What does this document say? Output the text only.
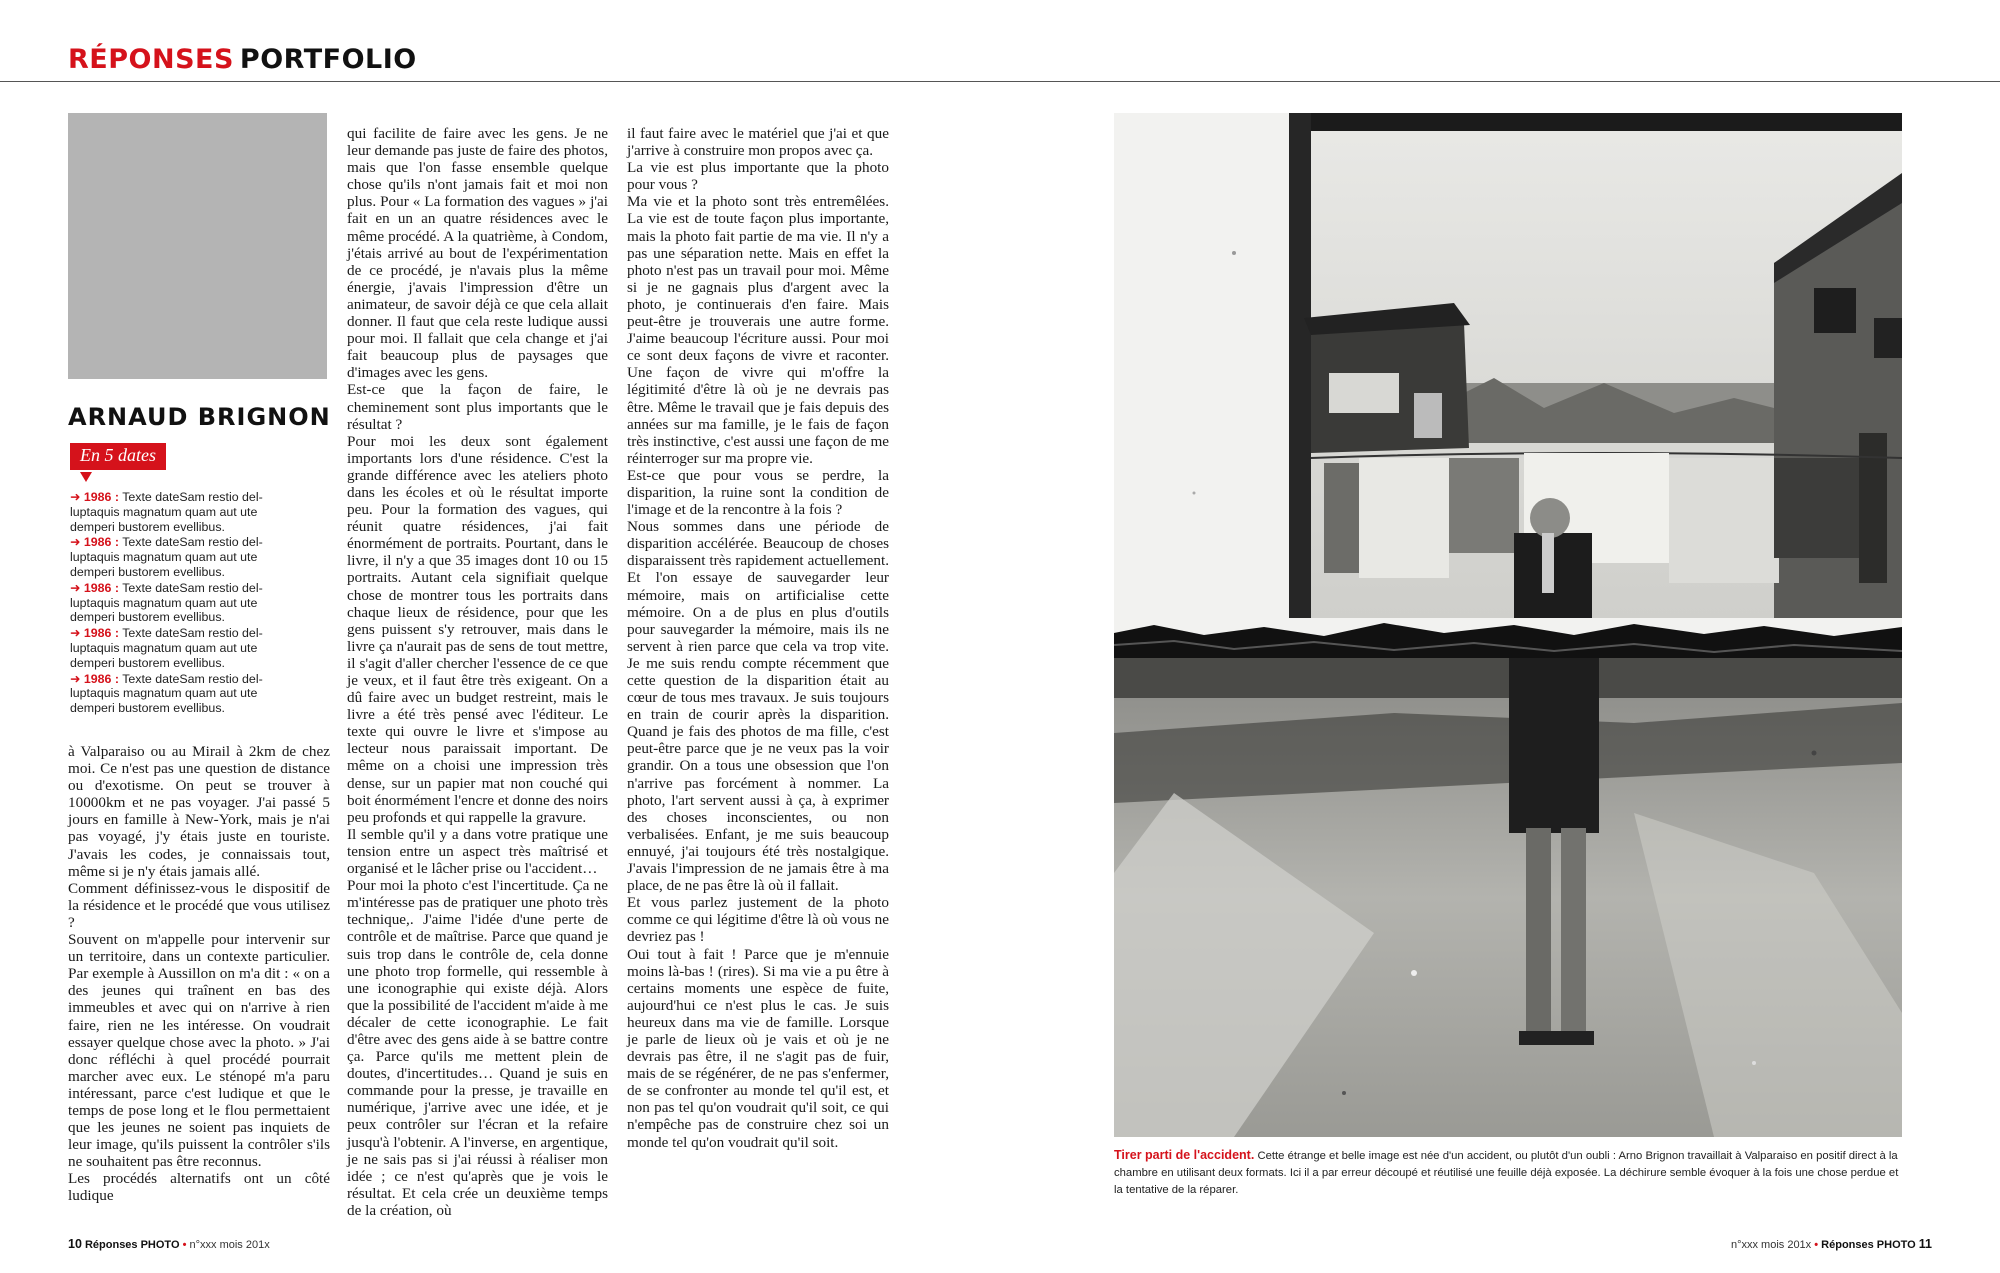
RÉPONSES PORTFOLIO
ARNAUD BRIGNON
En 5 dates
➜ 1986 : Texte dateSam restio del-luptaquis magnatum quam aut ute demperi bustorem evellibus.
➜ 1986 : Texte dateSam restio del-luptaquis magnatum quam aut ute demperi bustorem evellibus.
➜ 1986 : Texte dateSam restio del-luptaquis magnatum quam aut ute demperi bustorem evellibus.
➜ 1986 : Texte dateSam restio del-luptaquis magnatum quam aut ute demperi bustorem evellibus.
➜ 1986 : Texte dateSam restio del-luptaquis magnatum quam aut ute demperi bustorem evellibus.

à Valparaiso ou au Mirail à 2km de chez moi. Ce n'est pas une question de distance ou d'exotisme. On peut se trouver à 10000km et ne pas voyager. J'ai passé 5 jours en famille à New-York, mais je n'ai pas voyagé, j'y étais juste en touriste. J'avais les codes, je connaissais tout, même si je n'y étais jamais allé.

Comment définissez-vous le dispositif de la résidence et le procédé que vous utilisez ?

Souvent on m'appelle pour intervenir sur un territoire, dans un contexte particulier. Par exemple à Aussillon on m'a dit : « on a des jeunes qui traînent en bas des immeubles et avec qui on n'arrive à rien faire, rien ne les intéresse. On voudrait essayer quelque chose avec la photo. » J'ai donc réfléchi à quel procédé pourrait marcher avec eux. Le sténopé m'a paru intéressant, parce c'est ludique et que le temps de pose long et le flou permettaient que les jeunes ne soient pas inquiets de leur image, qu'ils puissent la contrôler s'ils ne souhaitent pas être reconnus.

Les procédés alternatifs ont un côté ludique

qui facilite de faire avec les gens. Je ne leur demande pas juste de faire des photos, mais que l'on fasse ensemble quelque chose qu'ils n'ont jamais fait et moi non plus. Pour « La formation des vagues » j'ai fait en un an quatre résidences avec le même procédé. A la quatrième, à Condom, j'étais arrivé au bout de l'expérimentation de ce procédé, je n'avais plus la même énergie, j'avais l'impression d'être un animateur, de savoir déjà ce que cela allait donner. Il faut que cela reste ludique aussi pour moi. Il fallait que cela change et j'ai fait beaucoup plus de paysages que d'images avec les gens.

Est-ce que la façon de faire, le cheminement sont plus importants que le résultat ?

Pour moi les deux sont également importants lors d'une résidence. C'est la grande différence avec les ateliers photo dans les écoles et où le résultat importe peu. Pour la formation des vagues, qui réunit quatre résidences, j'ai fait énormément de portraits. Pourtant, dans le livre, il n'y a que 35 images dont 10 ou 15 portraits. Autant cela signifiait quelque chose de montrer tous les portraits dans chaque lieux de résidence, pour que les gens puissent s'y retrouver, mais dans le livre ça n'aurait pas de sens de tout mettre, il s'agit d'aller chercher l'essence de ce que je veux, et il faut être très exigeant. On a dû faire avec un budget restreint, mais le livre a été très pensé avec l'éditeur. Le texte qui ouvre le livre et s'impose au lecteur nous paraissait important. De même on a choisi une impression très dense, sur un papier mat non couché qui boit énormément l'encre et donne des noirs peu profonds et qui rappelle la gravure.

Il semble qu'il y a dans votre pratique une tension entre un aspect très maîtrisé et organisé et le lâcher prise ou l'accident…

Pour moi la photo c'est l'incertitude. Ça ne m'intéresse pas de pratiquer une photo très technique,. J'aime l'idée d'une perte de contrôle et de maîtrise. Parce que quand je suis trop dans le contrôle de, cela donne une photo trop formelle, qui ressemble à une iconographie qui existe déjà. Alors que la possibilité de l'accident m'aide à me décaler de cette iconographie. Le fait d'être avec des gens aide à se battre contre ça. Parce qu'ils me mettent plein de doutes, d'incertitudes… Quand je suis en commande pour la presse, je travaille en numérique, j'arrive avec une idée, et je peux contrôler sur l'écran et la refaire jusqu'à l'obtenir. A l'inverse, en argentique, je ne sais pas si j'ai réussi à réaliser mon idée ; ce n'est qu'après que je vois le résultat. Et cela crée un deuxième temps de la création, où

il faut faire avec le matériel que j'ai et que j'arrive à construire mon propos avec ça.

La vie est plus importante que la photo pour vous ?

Ma vie et la photo sont très entremêlées. La vie est de toute façon plus importante, mais la photo fait partie de ma vie. Il n'y a pas une séparation nette. Mais en effet la photo n'est pas un travail pour moi. Même si je ne gagnais plus d'argent avec la photo, je continuerais d'en faire. Mais peut-être je trouverais une autre forme. J'aime beaucoup l'écriture aussi. Pour moi ce sont deux façons de vivre et raconter. Une façon de vivre qui m'offre la légitimité d'être là où je ne devrais pas être. Même le travail que je fais depuis des années sur ma famille, je le fais de façon très instinctive, c'est aussi une façon de me réinterroger sur ma propre vie.

Est-ce que pour vous se perdre, la disparition, la ruine sont la condition de l'image et de la rencontre à la fois ?

Nous sommes dans une période de disparition accélérée. Beaucoup de choses disparaissent très rapidement actuellement. Et l'on essaye de sauvegarder leur mémoire, mais on artificialise cette mémoire. On a de plus en plus d'outils pour sauvegarder la mémoire, mais ils ne servent à rien parce que cela va trop vite. Je me suis rendu compte récemment que cette question de la disparition était au cœur de tous mes travaux. Je suis toujours en train de courir après la disparition. Quand je fais des photos de ma fille, c'est peut-être parce que je ne veux pas la voir grandir. On a tous une obsession que l'on n'arrive pas forcément à nommer. La photo, l'art servent aussi à ça, à exprimer des choses inconscientes, ou non verbalisées. Enfant, je me suis beaucoup ennuyé, j'ai toujours été très nostalgique. J'avais l'impression de ne jamais être à ma place, de ne pas être là où il fallait.

Et vous parlez justement de la photo comme ce qui légitime d'être là où vous ne devriez pas !

Oui tout à fait ! Parce que je m'ennuie moins là-bas ! (rires). Si ma vie a pu être à certains moments une espèce de fuite, aujourd'hui ce n'est plus le cas. Je suis heureux dans ma vie de famille. Lorsque je parle de lieux où je vais et où je ne devrais pas être, il ne s'agit pas de fuir, mais de se régénérer, de ne pas s'enfermer, de se confronter au monde tel qu'il est, et non pas tel qu'on voudrait qu'il soit, ce qui n'empêche pas de construire chez soi un monde tel qu'on voudrait qu'il soit.

Tirer parti de l'accident. Cette étrange et belle image est née d'un accident, ou plutôt d'un oubli : Arno Brignon travaillait à Valparaiso en positif direct à la chambre en utilisant deux formats. Ici il a par erreur découpé et réutilisé une feuille déjà exposée. La déchirure semble évoquer à la fois une chose perdue et la tentative de la réparer.
10 Réponses PHOTO • n°xxx mois 201x	n°xxx mois 201x • Réponses PHOTO 11
